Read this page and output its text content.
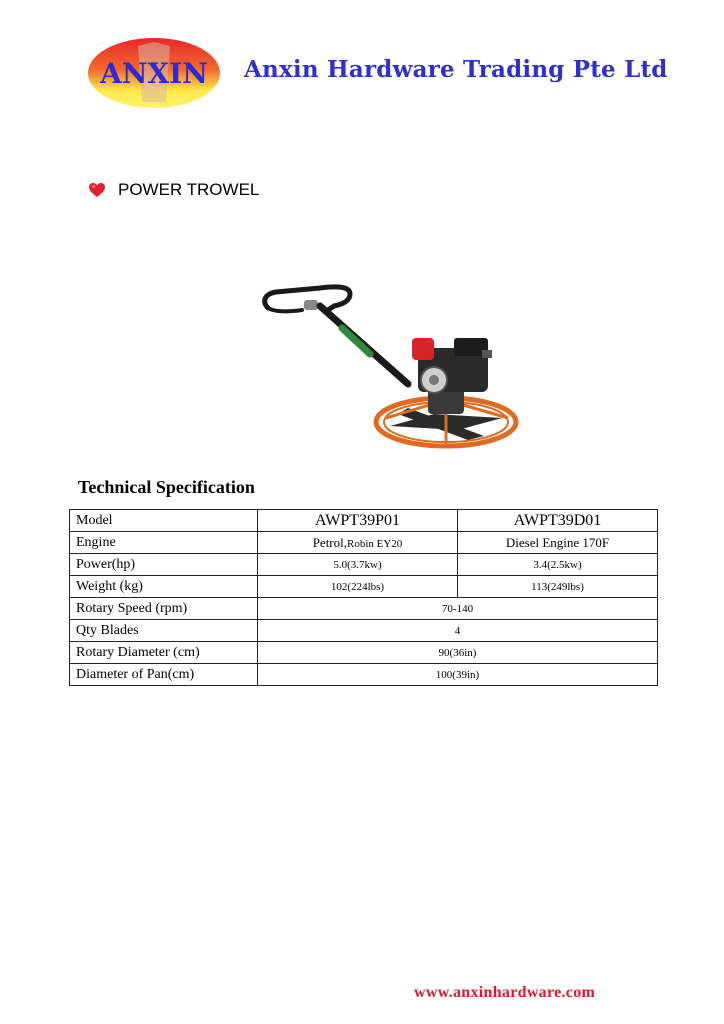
ANXIN Anxin Hardware Trading Pte Ltd
POWER TROWEL
Technical Specification
Model	AWPT39P01	AWPT39D01
Engine	Petrol,Robin EY20	Diesel Engine 170F
Power(hp)	5.0(3.7kw)	3.4(2.5kw)
Weight (kg)	102(224lbs)	113(249lbs)
Rotary Speed (rpm)	70-140	
Qty Blades	4	
Rotary Diameter (cm)	90(36in)	
Diameter of Pan(cm)	100(39in)	

www.anxinhardware.com
